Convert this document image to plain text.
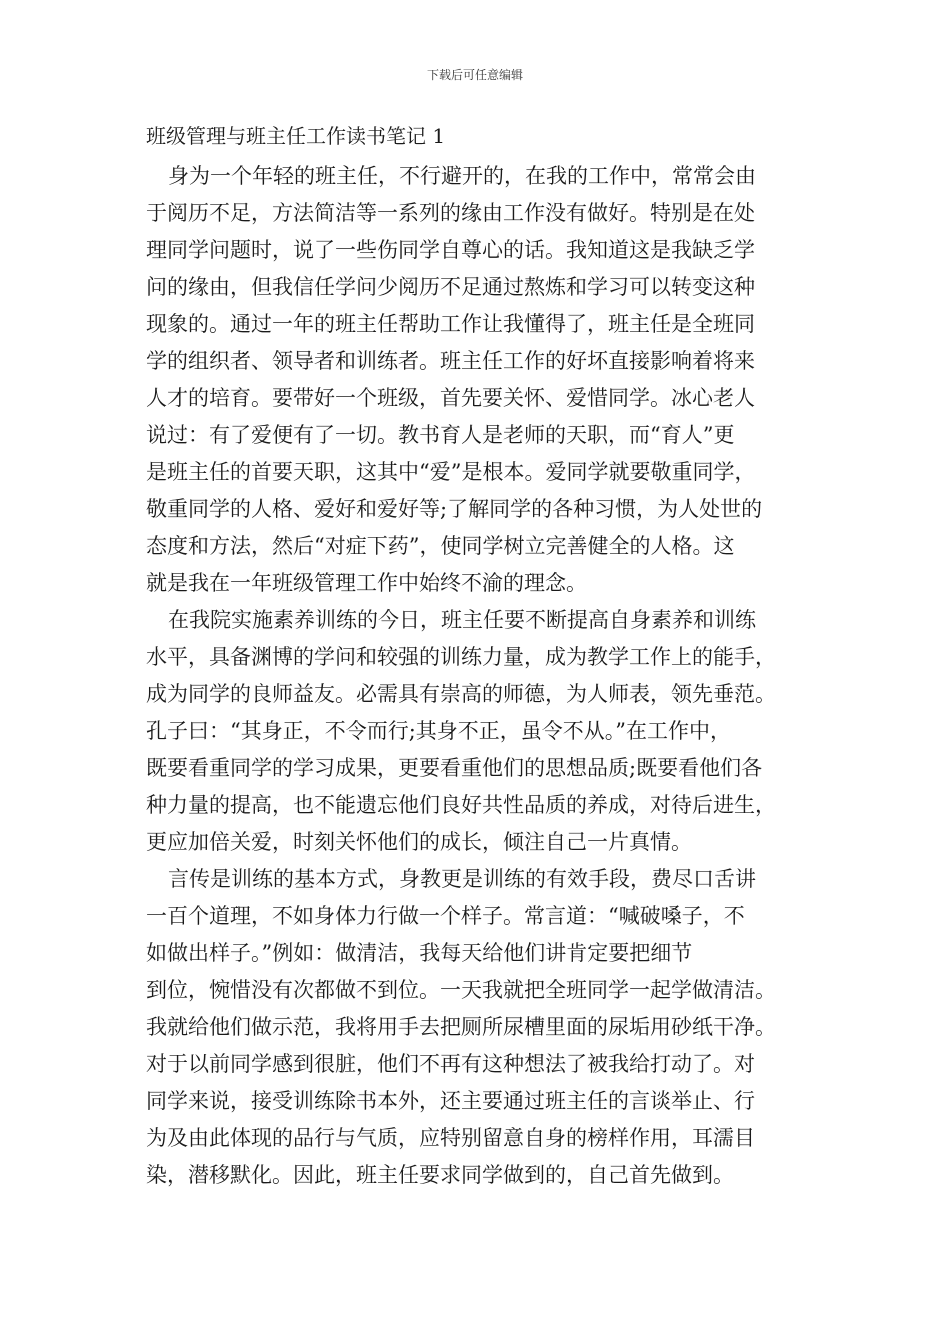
下载后可任意编辑
班级管理与班主任工作读书笔记 1
身为一个年轻的班主任，不行避开的，在我的工作中，常常会由
于阅历不足，方法简洁等一系列的缘由工作没有做好。特别是在处
理同学问题时，说了一些伤同学自尊心的话。我知道这是我缺乏学
问的缘由，但我信任学问少阅历不足通过熬炼和学习可以转变这种
现象的。通过一年的班主任帮助工作让我懂得了，班主任是全班同
学的组织者、领导者和训练者。班主任工作的好坏直接影响着将来
人才的培育。要带好一个班级，首先要关怀、爱惜同学。冰心老人
说过：有了爱便有了一切。教书育人是老师的天职，而“育人”更
是班主任的首要天职，这其中“爱”是根本。爱同学就要敬重同学，
敬重同学的人格、爱好和爱好等;了解同学的各种习惯，为人处世的
态度和方法，然后“对症下药”，使同学树立完善健全的人格。这
就是我在一年班级管理工作中始终不渝的理念。
在我院实施素养训练的今日，班主任要不断提高自身素养和训练
水平，具备渊博的学问和较强的训练力量，成为教学工作上的能手，
成为同学的良师益友。必需具有崇高的师德，为人师表，领先垂范。
孔子曰：“其身正，不令而行;其身不正，虽令不从。”在工作中，
既要看重同学的学习成果，更要看重他们的思想品质;既要看他们各
种力量的提高，也不能遗忘他们良好共性品质的养成，对待后进生，
更应加倍关爱，时刻关怀他们的成长，倾注自己一片真情。
言传是训练的基本方式，身教更是训练的有效手段，费尽口舌讲
一百个道理，不如身体力行做一个样子。常言道：“喊破嗓子，不
如做出样子。”例如：做清洁，我每天给他们讲肯定要把细节
到位，惋惜没有次都做不到位。一天我就把全班同学一起学做清洁。
我就给他们做示范，我将用手去把厕所尿槽里面的尿垢用砂纸干净。
对于以前同学感到很脏，他们不再有这种想法了被我给打动了。对
同学来说，接受训练除书本外，还主要通过班主任的言谈举止、行
为及由此体现的品行与气质，应特别留意自身的榜样作用，耳濡目
染，潜移默化。因此，班主任要求同学做到的，自己首先做到。
